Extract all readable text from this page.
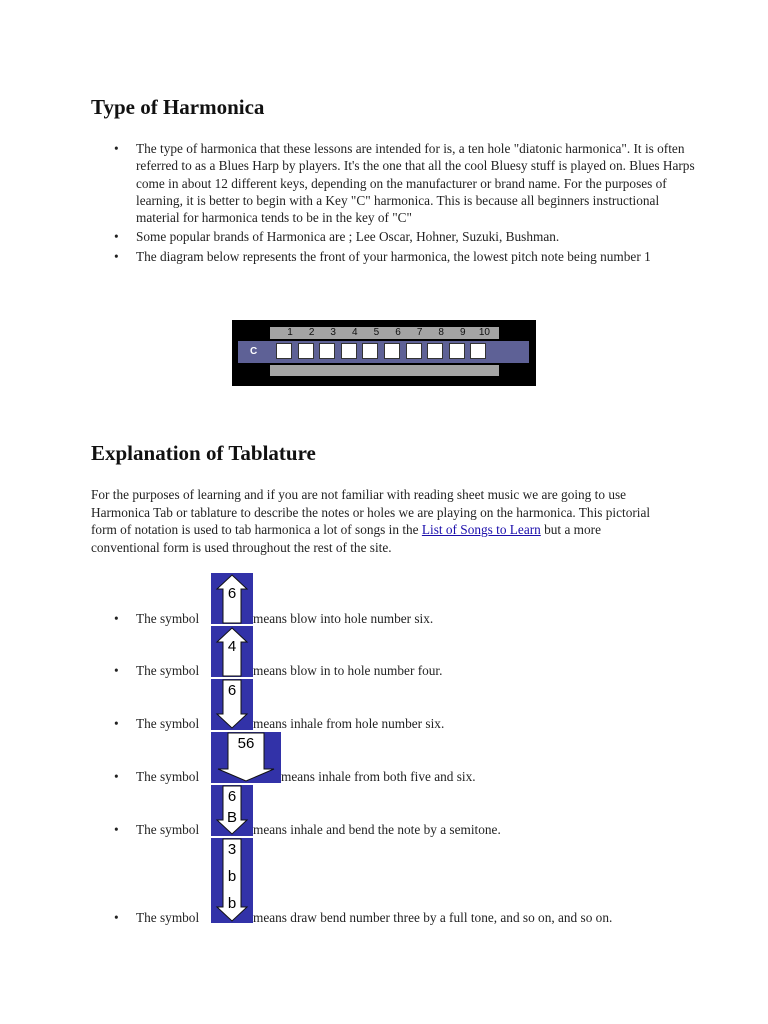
Type of Harmonica
• The type of harmonica that these lessons are intended for is, a ten hole "diatonic harmonica". It is often referred to as a Blues Harp by players. It's the one that all the cool Bluesy stuff is played on. Blues Harps come in about 12 different keys, depending on the manufacturer or brand name. For the purposes of learning, it is better to begin with a Key "C" harmonica. This is because all beginners instructional material for harmonica tends to be in the key of "C"
• Some popular brands of Harmonica are ; Lee Oscar, Hohner, Suzuki, Bushman.
• The diagram below represents the front of your harmonica, the lowest pitch note being number 1
1	2	3	4	5	6	7	8	9	10
C
Explanation of Tablature
For the purposes of learning and if you are not familiar with reading sheet music we are going to use Harmonica Tab or tablature to describe the notes or holes we are playing on the harmonica. This pictorial form of notation is used to tab harmonica a lot of songs in the List of Songs to Learn but a more conventional form is used throughout the rest of the site.
• The symbol	means blow into hole number six.
6
• The symbol	means blow in to hole number four.
4
• The symbol	means inhale from hole number six.
6
• The symbol	means inhale from both five and six.
56
• The symbol	means inhale and bend the note by a semitone.
6
B
• The symbol	means draw bend number three by a full tone, and so on, and so on.
3
b
b
